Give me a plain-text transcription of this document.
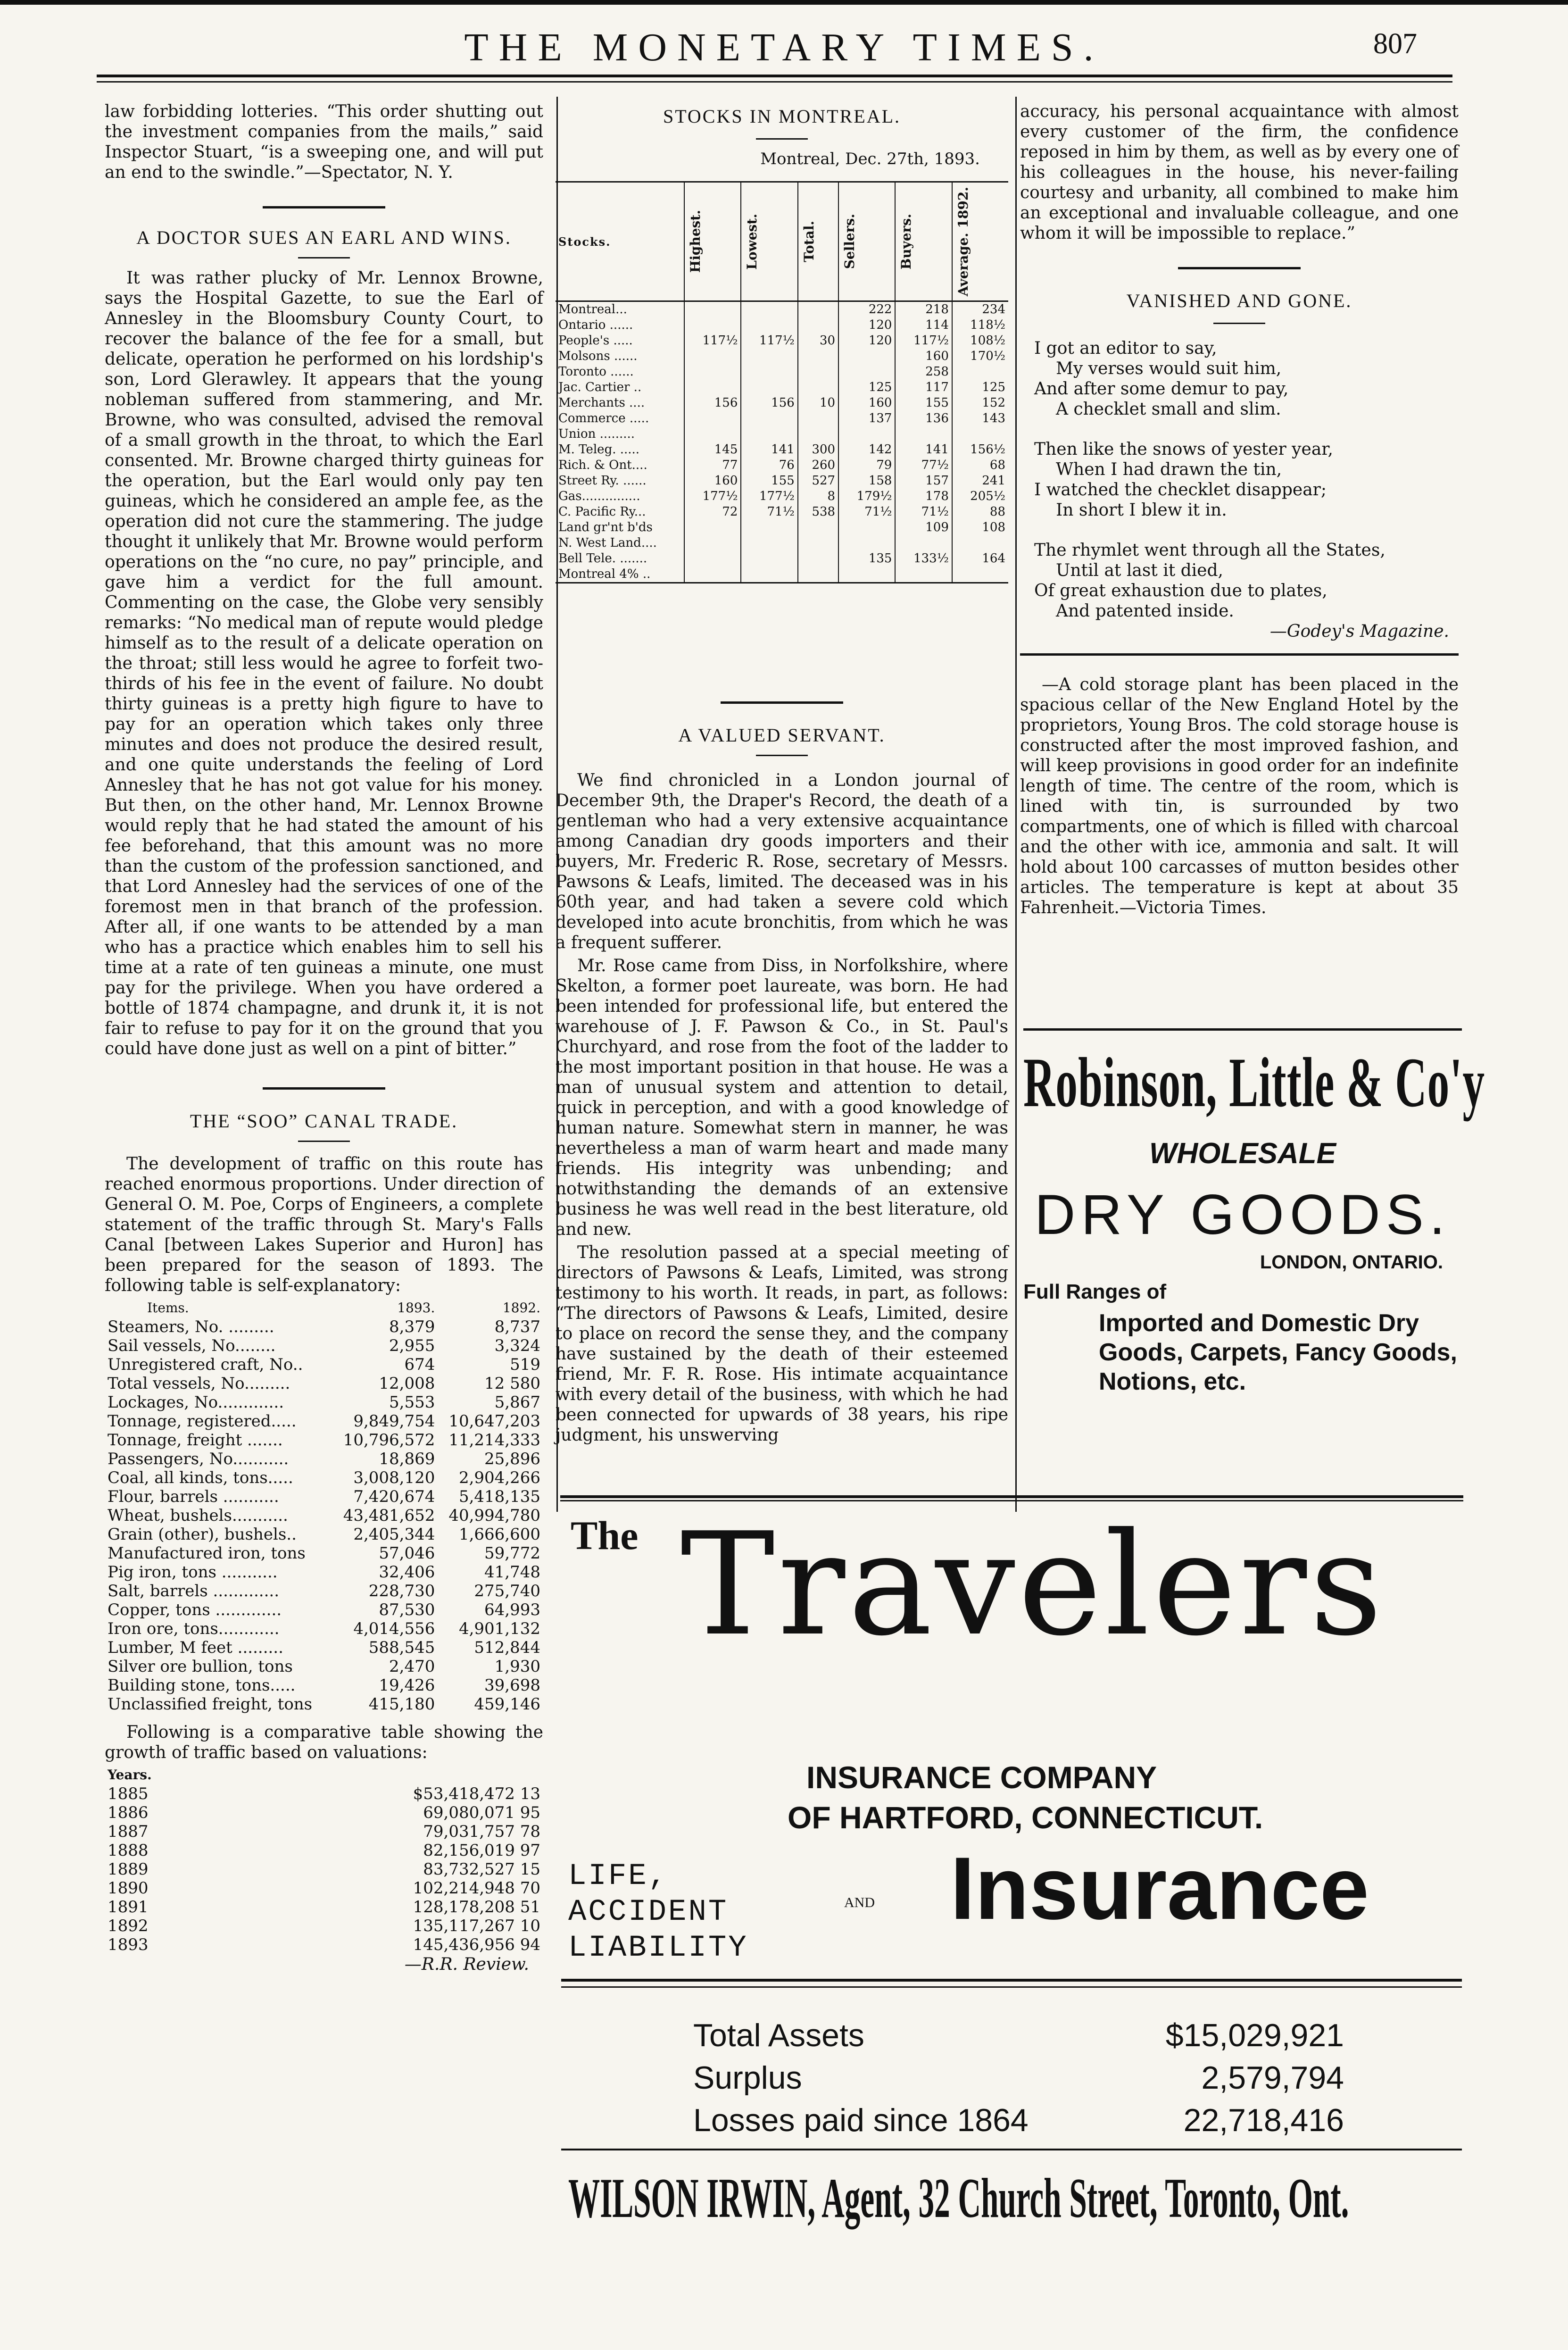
THE MONETARY TIMES.	807

law forbidding lotteries. “This order shutting out the investment companies from the mails,” said Inspector Stuart, “is a sweeping one, and will put an end to the swindle.”—Spectator, N. Y.

A DOCTOR SUES AN EARL AND WINS.

It was rather plucky of Mr. Lennox Browne, says the Hospital Gazette, to sue the Earl of Annesley in the Bloomsbury County Court, to recover the balance of the fee for a small, but delicate, operation he performed on his lordship's son, Lord Glerawley. It appears that the young nobleman suffered from stammering, and Mr. Browne, who was consulted, advised the removal of a small growth in the throat, to which the Earl consented. Mr. Browne charged thirty guineas for the operation, but the Earl would only pay ten guineas, which he considered an ample fee, as the operation did not cure the stammering. The judge thought it unlikely that Mr. Browne would perform operations on the “no cure, no pay” principle, and gave him a verdict for the full amount. Commenting on the case, the Globe very sensibly remarks: “No medical man of repute would pledge himself as to the result of a delicate operation on the throat; still less would he agree to forfeit two-thirds of his fee in the event of failure. No doubt thirty guineas is a pretty high figure to have to pay for an operation which takes only three minutes and does not produce the desired result, and one quite understands the feeling of Lord Annesley that he has not got value for his money. But then, on the other hand, Mr. Lennox Browne would reply that he had stated the amount of his fee beforehand, that this amount was no more than the custom of the profession sanctioned, and that Lord Annesley had the services of one of the foremost men in that branch of the profession. After all, if one wants to be attended by a man who has a practice which enables him to sell his time at a rate of ten guineas a minute, one must pay for the privilege. When you have ordered a bottle of 1874 champagne, and drunk it, it is not fair to refuse to pay for it on the ground that you could have done just as well on a pint of bitter.”

THE “SOO” CANAL TRADE.

The development of traffic on this route has reached enormous proportions. Under direction of General O. M. Poe, Corps of Engineers, a complete statement of the traffic through St. Mary's Falls Canal [between Lakes Superior and Huron] has been prepared for the season of 1893. The following table is self-explanatory:

Items.	1893.	1892.
Steamers, No. .........	8,379	8,737
Sail vessels, No........	2,955	3,324
Unregistered craft, No..	674	519
Total vessels, No.........	12,008	12 580
Lockages, No.............	5,553	5,867
Tonnage, registered.....	9,849,754	10,647,203
Tonnage, freight .......	10,796,572	11,214,333
Passengers, No...........	18,869	25,896
Coal, all kinds, tons.....	3,008,120	2,904,266
Flour, barrels ...........	7,420,674	5,418,135
Wheat, bushels...........	43,481,652	40,994,780
Grain (other), bushels..	2,405,344	1,666,600
Manufactured iron, tons	57,046	59,772
Pig iron, tons ...........	32,406	41,748
Salt, barrels .............	228,730	275,740
Copper, tons .............	87,530	64,993
Iron ore, tons............	4,014,556	4,901,132
Lumber, M feet .........	588,545	512,844
Silver ore bullion, tons	2,470	1,930
Building stone, tons.....	19,426	39,698
Unclassified freight, tons	415,180	459,146

Following is a comparative table showing the growth of traffic based on valuations:

Years.	
1885	$53,418,472 13
1886	69,080,071 95
1887	79,031,757 78
1888	82,156,019 97
1889	83,732,527 15
1890	102,214,948 70
1891	128,178,208 51
1892	135,117,267 10
1893	145,436,956 94
—R.R. Review.
STOCKS IN MONTREAL.
Montreal, Dec. 27th, 1893.
Stocks.	Highest.	Lowest.	Total.	Sellers.	Buyers.	Average. 1892.

Montreal...				222	218	234
Ontario ......				120	114	118½
People's .....	117½	117½	30	120	117½	108½
Molsons ......					160	170½
Toronto ......					258	
Jac. Cartier ..				125	117	125
Merchants ....	156	156	10	160	155	152
Commerce .....				137	136	143
Union .........						
M. Teleg. .....	145	141	300	142	141	156½
Rich. & Ont....	77	76	260	79	77½	68
Street Ry. ......	160	155	527	158	157	241
Gas...............	177½	177½	8	179½	178	205½
C. Pacific Ry...	72	71½	538	71½	71½	88
Land gr'nt b'ds					109	108
N. West Land....						
Bell Tele. .......				135	133½	164
Montreal 4% ..						
A VALUED SERVANT.

We find chronicled in a London journal of December 9th, the Draper's Record, the death of a gentleman who had a very extensive acquaintance among Canadian dry goods importers and their buyers, Mr. Frederic R. Rose, secretary of Messrs. Pawsons & Leafs, limited. The deceased was in his 60th year, and had taken a severe cold which developed into acute bronchitis, from which he was a frequent sufferer.

Mr. Rose came from Diss, in Norfolkshire, where Skelton, a former poet laureate, was born. He had been intended for professional life, but entered the warehouse of J. F. Pawson & Co., in St. Paul's Churchyard, and rose from the foot of the ladder to the most important position in that house. He was a man of unusual system and attention to detail, quick in perception, and with a good knowledge of human nature. Somewhat stern in manner, he was nevertheless a man of warm heart and made many friends. His integrity was unbending; and notwithstanding the demands of an extensive business he was well read in the best literature, old and new.

The resolution passed at a special meeting of directors of Pawsons & Leafs, Limited, was strong testimony to his worth. It reads, in part, as follows: “The directors of Pawsons & Leafs, Limited, desire to place on record the sense they, and the company have sustained by the death of their esteemed friend, Mr. F. R. Rose. His intimate acquaintance with every detail of the business, with which he had been connected for upwards of 38 years, his ripe judgment, his unswerving

accuracy, his personal acquaintance with almost every customer of the firm, the confidence reposed in him by them, as well as by every one of his colleagues in the house, his never-failing courtesy and urbanity, all combined to make him an exceptional and invaluable colleague, and one whom it will be impossible to replace.”

VANISHED AND GONE.
I got an editor to say,
My verses would suit him,
And after some demur to pay,
A checklet small and slim.
Then like the snows of yester year,
When I had drawn the tin,
I watched the checklet disappear;
In short I blew it in.
The rhymlet went through all the States,
Until at last it died,
Of great exhaustion due to plates,
And patented inside.
—Godey's Magazine.

—A cold storage plant has been placed in the spacious cellar of the New England Hotel by the proprietors, Young Bros. The cold storage house is constructed after the most improved fashion, and will keep provisions in good order for an indefinite length of time. The centre of the room, which is lined with tin, is surrounded by two compartments, one of which is filled with charcoal and the other with ice, ammonia and salt. It will hold about 100 carcasses of mutton besides other articles. The temperature is kept at about 35 Fahrenheit.—Victoria Times.

Robinson, Little & Co'y
WHOLESALE
DRY GOODS.
LONDON, ONTARIO.
Full Ranges of
Imported and Domestic Dry Goods, Carpets, Fancy Goods, Notions, etc.
The Travelers
INSURANCE COMPANY
OF HARTFORD, CONNECTICUT.
LIFE,
ACCIDENT
LIABILITY
AND Insurance
Total Assets	$15,029,921
Surplus	2,579,794
Losses paid since 1864	22,718,416
WILSON IRWIN, Agent, 32 Church Street, Toronto, Ont.
